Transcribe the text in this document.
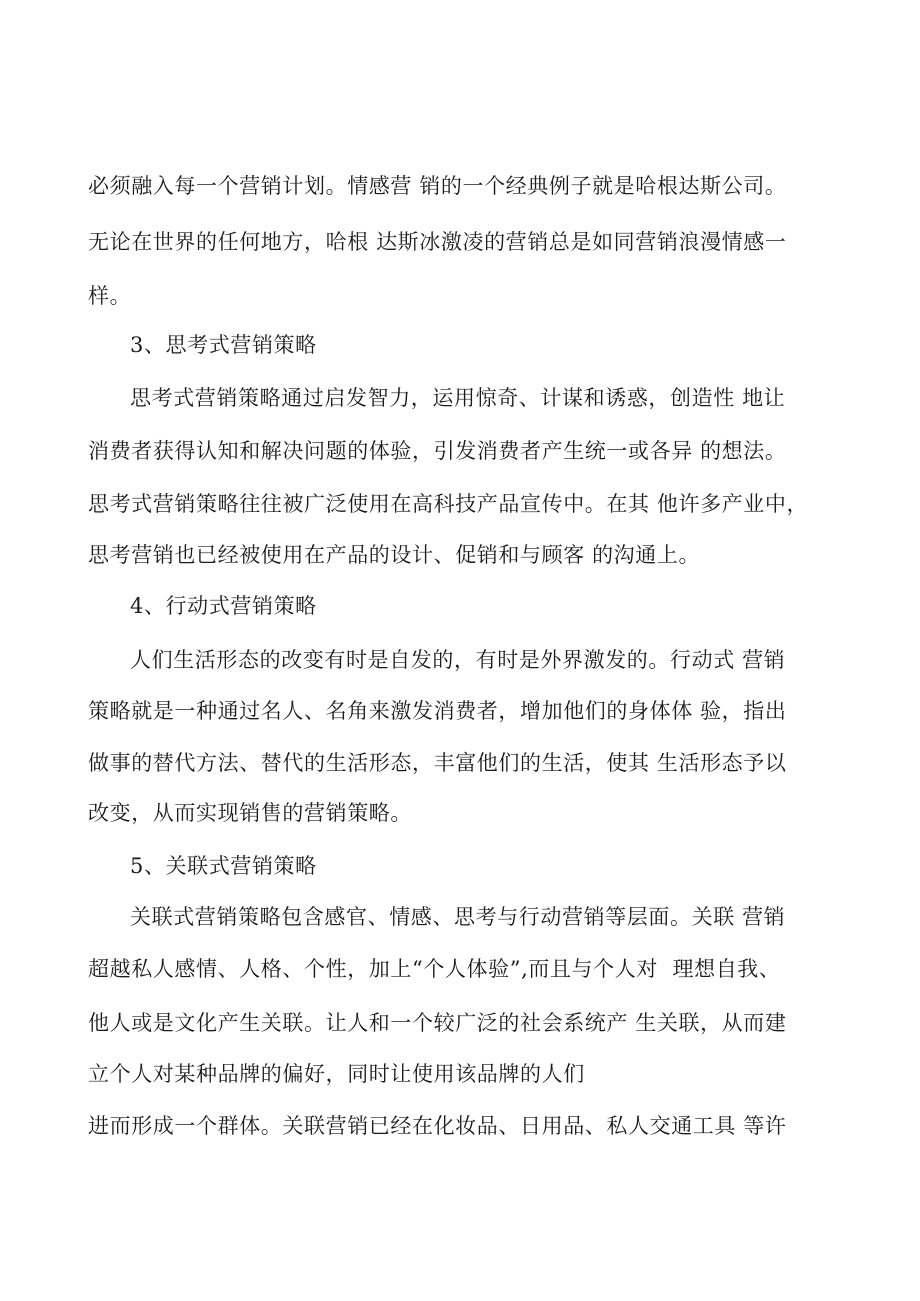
必须融入每一个营销计划。情感营 销的一个经典例子就是哈根达斯公司。
无论在世界的任何地方，哈根 达斯冰激凌的营销总是如同营销浪漫情感一
样。
3、思考式营销策略
思考式营销策略通过启发智力，运用惊奇、计谋和诱惑，创造性 地让
消费者获得认知和解决问题的体验，引发消费者产生统一或各异 的想法。
思考式营销策略往往被广泛使用在高科技产品宣传中。在其 他许多产业中，
思考营销也已经被使用在产品的设计、促销和与顾客 的沟通上。
4、行动式营销策略
人们生活形态的改变有时是自发的，有时是外界激发的。行动式 营销
策略就是一种通过名人、名角来激发消费者，增加他们的身体体 验，指出
做事的替代方法、替代的生活形态，丰富他们的生活，使其 生活形态予以
改变，从而实现销售的营销策略。
5、关联式营销策略
关联式营销策略包含感官、情感、思考与行动营销等层面。关联 营销
超越私人感情、人格、个性，加上“个人体验”,而且与个人对  理想自我、
他人或是文化产生关联。让人和一个较广泛的社会系统产 生关联，从而建
立个人对某种品牌的偏好，同时让使用该品牌的人们
进而形成一个群体。关联营销已经在化妆品、日用品、私人交通工具 等许
